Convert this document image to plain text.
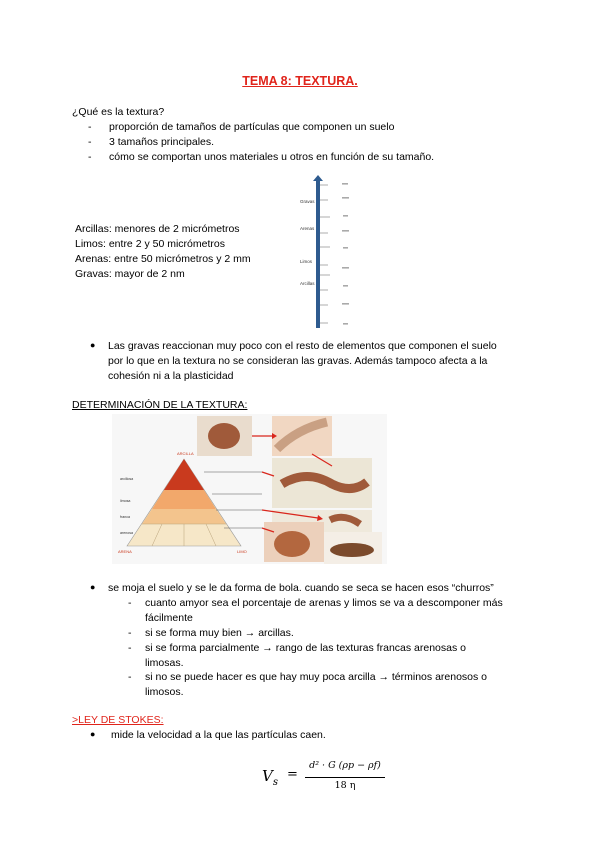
TEMA 8: TEXTURA.
¿Qué es la textura?
- proporción de tamaños de partículas que componen un suelo
- 3 tamaños principales.
- cómo se comportan unos materiales u otros en función de su tamaño.
Arcillas: menores de 2 micrómetros
Limos: entre 2 y 50 micrómetros
Arenas: entre 50 micrómetros y 2 mm
Gravas: mayor de 2 nm
Gravas
Arenas
Limos
Arcillas
● Las gravas reaccionan muy poco con el resto de elementos que componen el suelo
por lo que en la textura no se consideran las gravas. Además tampoco afecta a la
cohesión ni a la plasticidad
DETERMINACIÓN DE LA TEXTURA:
ARCILLA
ARENA	LIMO
arcillosa
limosa
franca
arenosa
● se moja el suelo y se le da forma de bola. cuando se seca se hacen esos “churros”
- cuanto amyor sea el porcentaje de arenas y limos se va a descomponer más
fácilmente
- si se forma muy bien → arcillas.
- si se forma parcialmente → rango de las texturas francas arenosas o
limosas.
- si no se puede hacer es que hay muy poca arcilla → términos arenosos o
limosos.
>LEY DE STOKES:
● mide la velocidad a la que las partículas caen.
$V_s$
=
d² · G (ρp − ρf)
18 η
